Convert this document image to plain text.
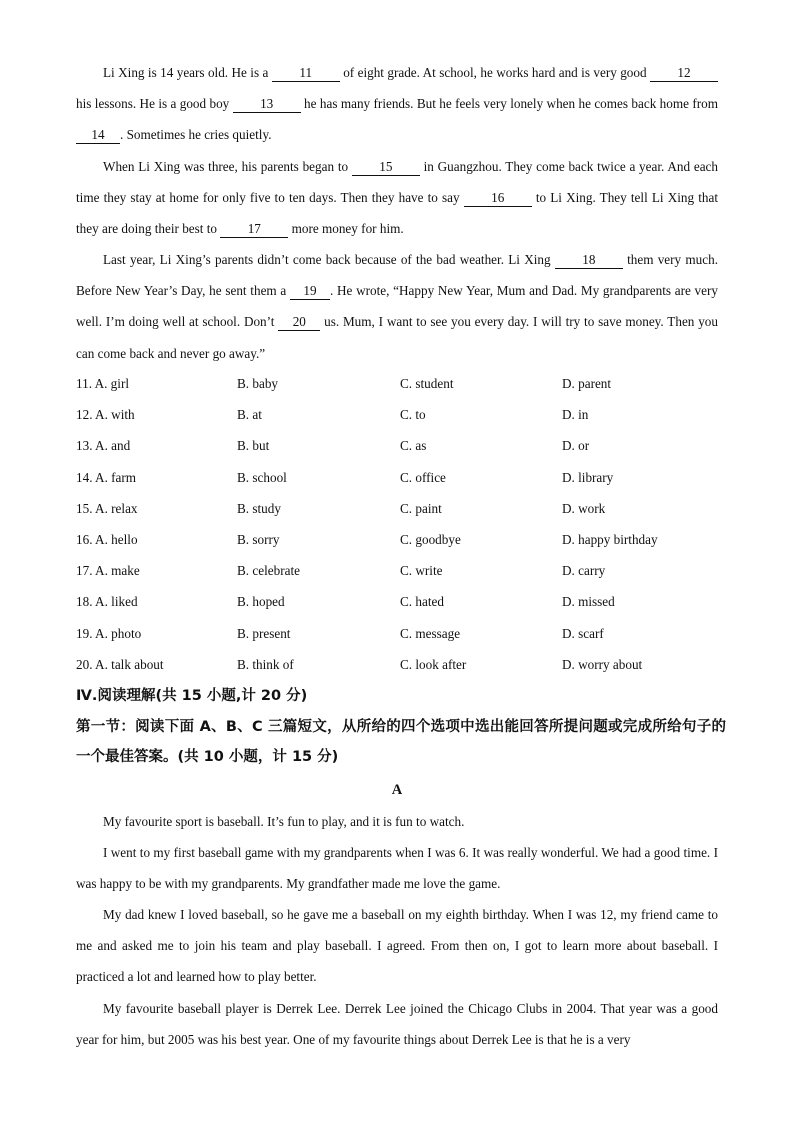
Li Xing is 14 years old. He is a 11 of eight grade. At school, he works hard and is very good 12 his lessons. He is a good boy 13 he has many friends. But he feels very lonely when he comes back home from 14 . Sometimes he cries quietly.

When Li Xing was three, his parents began to 15 in Guangzhou. They come back twice a year. And each time they stay at home for only five to ten days. Then they have to say 16 to Li Xing. They tell Li Xing that they are doing their best to 17 more money for him.

Last year, Li Xing’s parents didn’t come back because of the bad weather. Li Xing 18 them very much. Before New Year’s Day, he sent them a 19 . He wrote, “Happy New Year, Mum and Dad. My grandparents are very well. I’m doing well at school. Don’t 20 us. Mum, I want to see you every day. I will try to save money. Then you can come back and never go away.”

11. A. girl	B. baby	C. student	D. parent
12. A. with	B. at	C. to	D. in
13. A. and	B. but	C. as	D. or
14. A. farm	B. school	C. office	D. library
15. A. relax	B. study	C. paint	D. work
16. A. hello	B. sorry	C. goodbye	D. happy birthday
17. A. make	B. celebrate	C. write	D. carry
18. A. liked	B. hoped	C. hated	D. missed
19. A. photo	B. present	C. message	D. scarf
20. A. talk about	B. think of	C. look after	D. worry about

Ⅳ.阅读理解(共 15 小题,计 20 分)

第一节：阅读下面 A、B、C 三篇短文，从所给的四个选项中选出能回答所提问题或完成所给句子的一个最佳答案。(共 10 小题，计 15 分)

A

My favourite sport is baseball. It’s fun to play, and it is fun to watch.

I went to my first baseball game with my grandparents when I was 6. It was really wonderful. We had a good time. I was happy to be with my grandparents. My grandfather made me love the game.

My dad knew I loved baseball, so he gave me a baseball on my eighth birthday. When I was 12, my friend came to me and asked me to join his team and play baseball. I agreed. From then on, I got to learn more about baseball. I practiced a lot and learned how to play better.

My favourite baseball player is Derrek Lee. Derrek Lee joined the Chicago Clubs in 2004. That year was a good year for him, but 2005 was his best year. One of my favourite things about Derrek Lee is that he is a very
